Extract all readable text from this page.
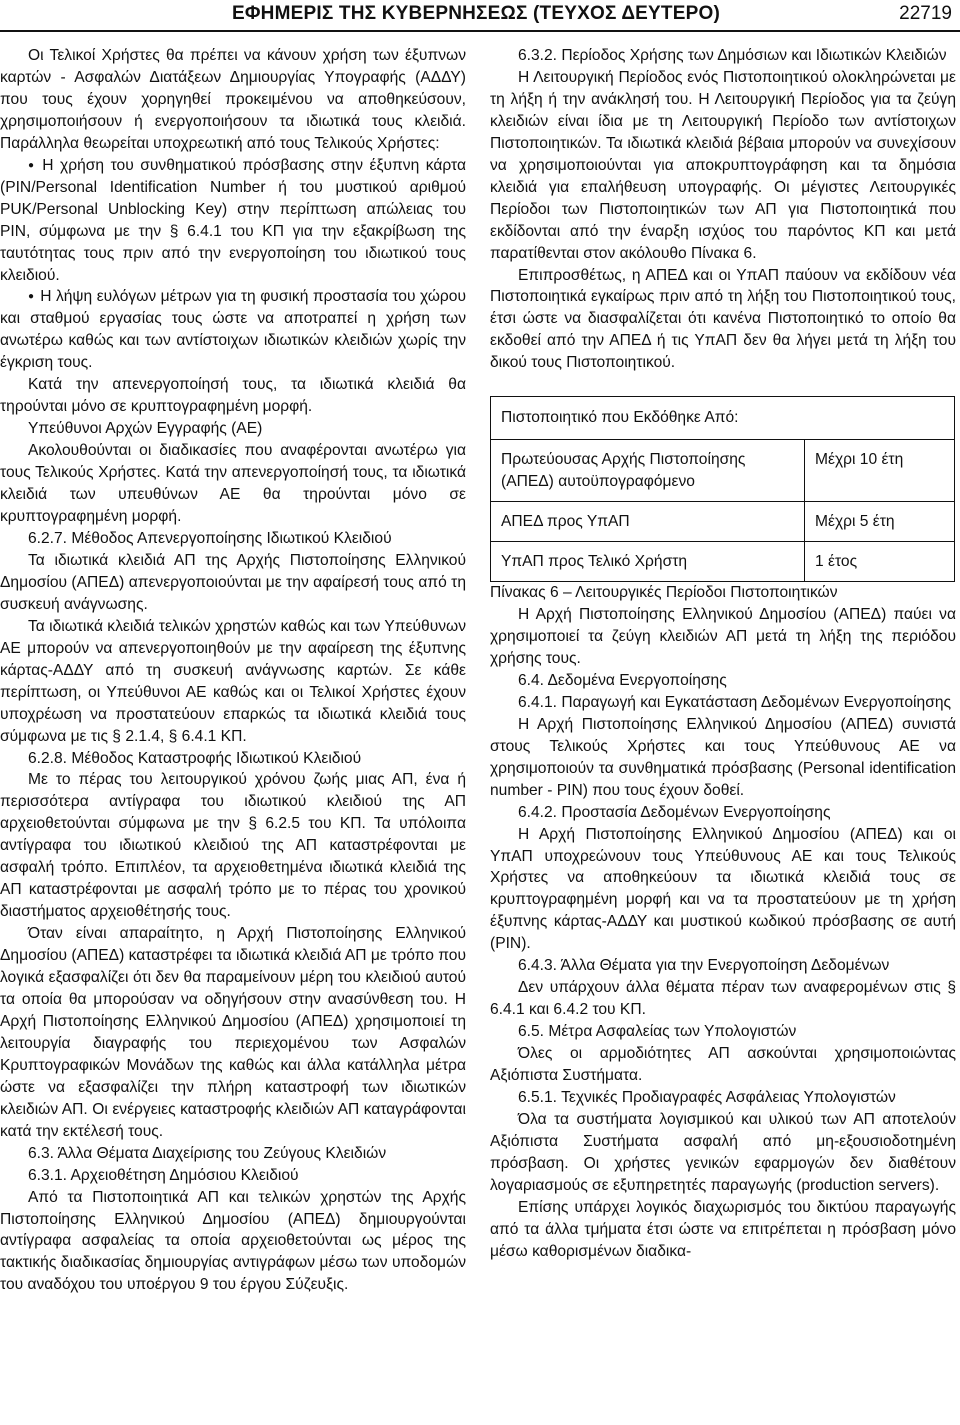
ΕΦΗΜΕΡΙΣ ΤΗΣ ΚΥΒΕΡΝΗΣΕΩΣ (ΤΕΥΧΟΣ ΔΕΥΤΕΡΟ)	22719

Οι Τελικοί Χρήστες θα πρέπει να κάνουν χρήση των έξυπνων καρτών - Ασφαλών Διατάξεων Δημιουργίας Υπογραφής (ΑΔΔΥ) που τους έχουν χορηγηθεί προκειμένου να αποθηκεύσουν, χρησιμοποιήσουν ή ενεργοποιήσουν τα ιδιωτικά τους κλειδιά. Παράλληλα θεωρείται υποχρεωτική από τους Τελικούς Χρήστες:

● Η χρήση του συνθηματικού πρόσβασης στην έξυπνη κάρτα (PIN/Personal Identification Number ή του μυστικού αριθμού PUK/Personal Unblocking Key) στην περίπτωση απώλειας του PIN, σύμφωνα με την § 6.4.1 του ΚΠ για την εξακρίβωση της ταυτότητας τους πριν από την ενεργοποίηση του ιδιωτικού τους κλειδιού.

● Η λήψη ευλόγων μέτρων για τη φυσική προστασία του χώρου και σταθμού εργασίας τους ώστε να αποτραπεί η χρήση των ανωτέρω καθώς και των αντίστοιχων ιδιωτικών κλειδιών χωρίς την έγκριση τους.

Κατά την απενεργοποίησή τους, τα ιδιωτικά κλειδιά θα τηρούνται μόνο σε κρυπτογραφημένη μορφή.

Υπεύθυνοι Αρχών Εγγραφής (ΑΕ)

Ακολουθούνται οι διαδικασίες που αναφέρονται ανωτέρω για τους Τελικούς Χρήστες. Κατά την απενεργοποίησή τους, τα ιδιωτικά κλειδιά των υπευθύνων ΑΕ θα τηρούνται μόνο σε κρυπτογραφημένη μορφή.

6.2.7. Μέθοδος Απενεργοποίησης Ιδιωτικού Κλειδιού

Τα ιδιωτικά κλειδιά ΑΠ της Αρχής Πιστοποίησης Ελληνικού Δημοσίου (ΑΠΕΔ) απενεργοποιούνται με την αφαίρεσή τους από τη συσκευή ανάγνωσης.

Τα ιδιωτικά κλειδιά τελικών χρηστών καθώς και των Υπεύθυνων ΑΕ μπορούν να απενεργοποιηθούν με την αφαίρεση της έξυπνης κάρτας-ΑΔΔΥ από τη συσκευή ανάγνωσης καρτών. Σε κάθε περίπτωση, οι Υπεύθυνοι ΑΕ καθώς και οι Τελικοί Χρήστες έχουν υποχρέωση να προστατεύουν επαρκώς τα ιδιωτικά κλειδιά τους σύμφωνα με τις § 2.1.4, § 6.4.1 ΚΠ.

6.2.8. Μέθοδος Καταστροφής Ιδιωτικού Κλειδιού

Με το πέρας του λειτουργικού χρόνου ζωής μιας ΑΠ, ένα ή περισσότερα αντίγραφα του ιδιωτικού κλειδιού της ΑΠ αρχειοθετούνται σύμφωνα με την § 6.2.5 του ΚΠ. Τα υπόλοιπα αντίγραφα του ιδιωτικού κλειδιού της ΑΠ καταστρέφονται με ασφαλή τρόπο. Επιπλέον, τα αρχειοθετημένα ιδιωτικά κλειδιά της ΑΠ καταστρέφονται με ασφαλή τρόπο με το πέρας του χρονικού διαστήματος αρχειοθέτησής τους.

Όταν είναι απαραίτητο, η Αρχή Πιστοποίησης Ελληνικού Δημοσίου (ΑΠΕΔ) καταστρέφει τα ιδιωτικά κλειδιά ΑΠ με τρόπο που λογικά εξασφαλίζει ότι δεν θα παραμείνουν μέρη του κλειδιού αυτού τα οποία θα μπορούσαν να οδηγήσουν στην ανασύνθεση του. Η Αρχή Πιστοποίησης Ελληνικού Δημοσίου (ΑΠΕΔ) χρησιμοποιεί τη λειτουργία διαγραφής του περιεχομένου των Ασφαλών Κρυπτογραφικών Μονάδων της καθώς και άλλα κατάλληλα μέτρα ώστε να εξασφαλίζει την πλήρη καταστροφή των ιδιωτικών κλειδιών ΑΠ. Οι ενέργειες καταστροφής κλειδιών ΑΠ καταγράφονται κατά την εκτέλεσή τους.

6.3. Άλλα Θέματα Διαχείρισης του Ζεύγους Κλειδιών

6.3.1. Αρχειοθέτηση Δημόσιου Κλειδιού

Από τα Πιστοποιητικά ΑΠ και τελικών χρηστών της Αρχής Πιστοποίησης Ελληνικού Δημοσίου (ΑΠΕΔ) δημιουργούνται αντίγραφα ασφαλείας τα οποία αρχειοθετούνται ως μέρος της τακτικής διαδικασίας δημιουργίας αντιγράφων μέσω των υποδομών του αναδόχου του υποέργου 9 του έργου Σύζευξις.

6.3.2. Περίοδος Χρήσης των Δημόσιων και Ιδιωτικών Κλειδιών

Η Λειτουργική Περίοδος ενός Πιστοποιητικού ολοκληρώνεται με τη λήξη ή την ανάκλησή του. Η Λειτουργική Περίοδος για τα ζεύγη κλειδιών είναι ίδια με τη Λειτουργική Περίοδο των αντίστοιχων Πιστοποιητικών. Τα ιδιωτικά κλειδιά βέβαια μπορούν να συνεχίσουν να χρησιμοποιούνται για αποκρυπτογράφηση και τα δημόσια κλειδιά για επαλήθευση υπογραφής. Οι μέγιστες Λειτουργικές Περίοδοι των Πιστοποιητικών των ΑΠ για Πιστοποιητικά που εκδίδονται από την έναρξη ισχύος του παρόντος ΚΠ και μετά παρατίθενται στον ακόλουθο Πίνακα 6.

Επιπροσθέτως, η ΑΠΕΔ και οι ΥπΑΠ παύουν να εκδίδουν νέα Πιστοποιητικά εγκαίρως πριν από τη λήξη του Πιστοποιητικού τους, έτσι ώστε να διασφαλίζεται ότι κανένα Πιστοποιητικό το οποίο θα εκδοθεί από την ΑΠΕΔ ή τις ΥπΑΠ δεν θα λήγει μετά τη λήξη του δικού τους Πιστοποιητικού.

Πιστοποιητικό που Εκδόθηκε Από:	
Πρωτεύουσας Αρχής Πιστοποίησης (ΑΠΕΔ) αυτοϋπογραφόμενο	Μέχρι 10 έτη
ΑΠΕΔ προς ΥπΑΠ	Μέχρι 5 έτη
ΥπΑΠ προς Τελικό Χρήστη	1 έτος

Πίνακας 6 – Λειτουργικές Περίοδοι Πιστοποιητικών

Η Αρχή Πιστοποίησης Ελληνικού Δημοσίου (ΑΠΕΔ) παύει να χρησιμοποιεί τα ζεύγη κλειδιών ΑΠ μετά τη λήξη της περιόδου χρήσης τους.

6.4. Δεδομένα Ενεργοποίησης

6.4.1. Παραγωγή και Εγκατάσταση Δεδομένων Ενεργοποίησης

Η Αρχή Πιστοποίησης Ελληνικού Δημοσίου (ΑΠΕΔ) συνιστά στους Τελικούς Χρήστες και τους Υπεύθυνους ΑΕ να χρησιμοποιούν τα συνθηματικά πρόσβασης (Personal identification number - PIN) που τους έχουν δοθεί.

6.4.2. Προστασία Δεδομένων Ενεργοποίησης

Η Αρχή Πιστοποίησης Ελληνικού Δημοσίου (ΑΠΕΔ) και οι ΥπΑΠ υποχρεώνουν τους Υπεύθυνους ΑΕ και τους Τελικούς Χρήστες να αποθηκεύουν τα ιδιωτικά κλειδιά τους σε κρυπτογραφημένη μορφή και να τα προστατεύουν με τη χρήση έξυπνης κάρτας-ΑΔΔΥ και μυστικού κωδικού πρόσβασης σε αυτή (PIN).

6.4.3. Άλλα Θέματα για την Ενεργοποίηση Δεδομένων

Δεν υπάρχουν άλλα θέματα πέραν των αναφερομένων στις § 6.4.1 και 6.4.2 του ΚΠ.

6.5. Μέτρα Ασφαλείας των Υπολογιστών

Όλες οι αρμοδιότητες ΑΠ ασκούνται χρησιμοποιώντας Αξιόπιστα Συστήματα.

6.5.1. Τεχνικές Προδιαγραφές Ασφάλειας Υπολογιστών

Όλα τα συστήματα λογισμικού και υλικού των ΑΠ αποτελούν Αξιόπιστα Συστήματα ασφαλή από μη-εξουσιοδοτημένη πρόσβαση. Οι χρήστες γενικών εφαρμογών δεν διαθέτουν λογαριασμούς σε εξυπηρετητές παραγωγής (production servers).

Επίσης υπάρχει λογικός διαχωρισμός του δικτύου παραγωγής από τα άλλα τμήματα έτσι ώστε να επιτρέπεται η πρόσβαση μόνο μέσω καθορισμένων διαδικα-
